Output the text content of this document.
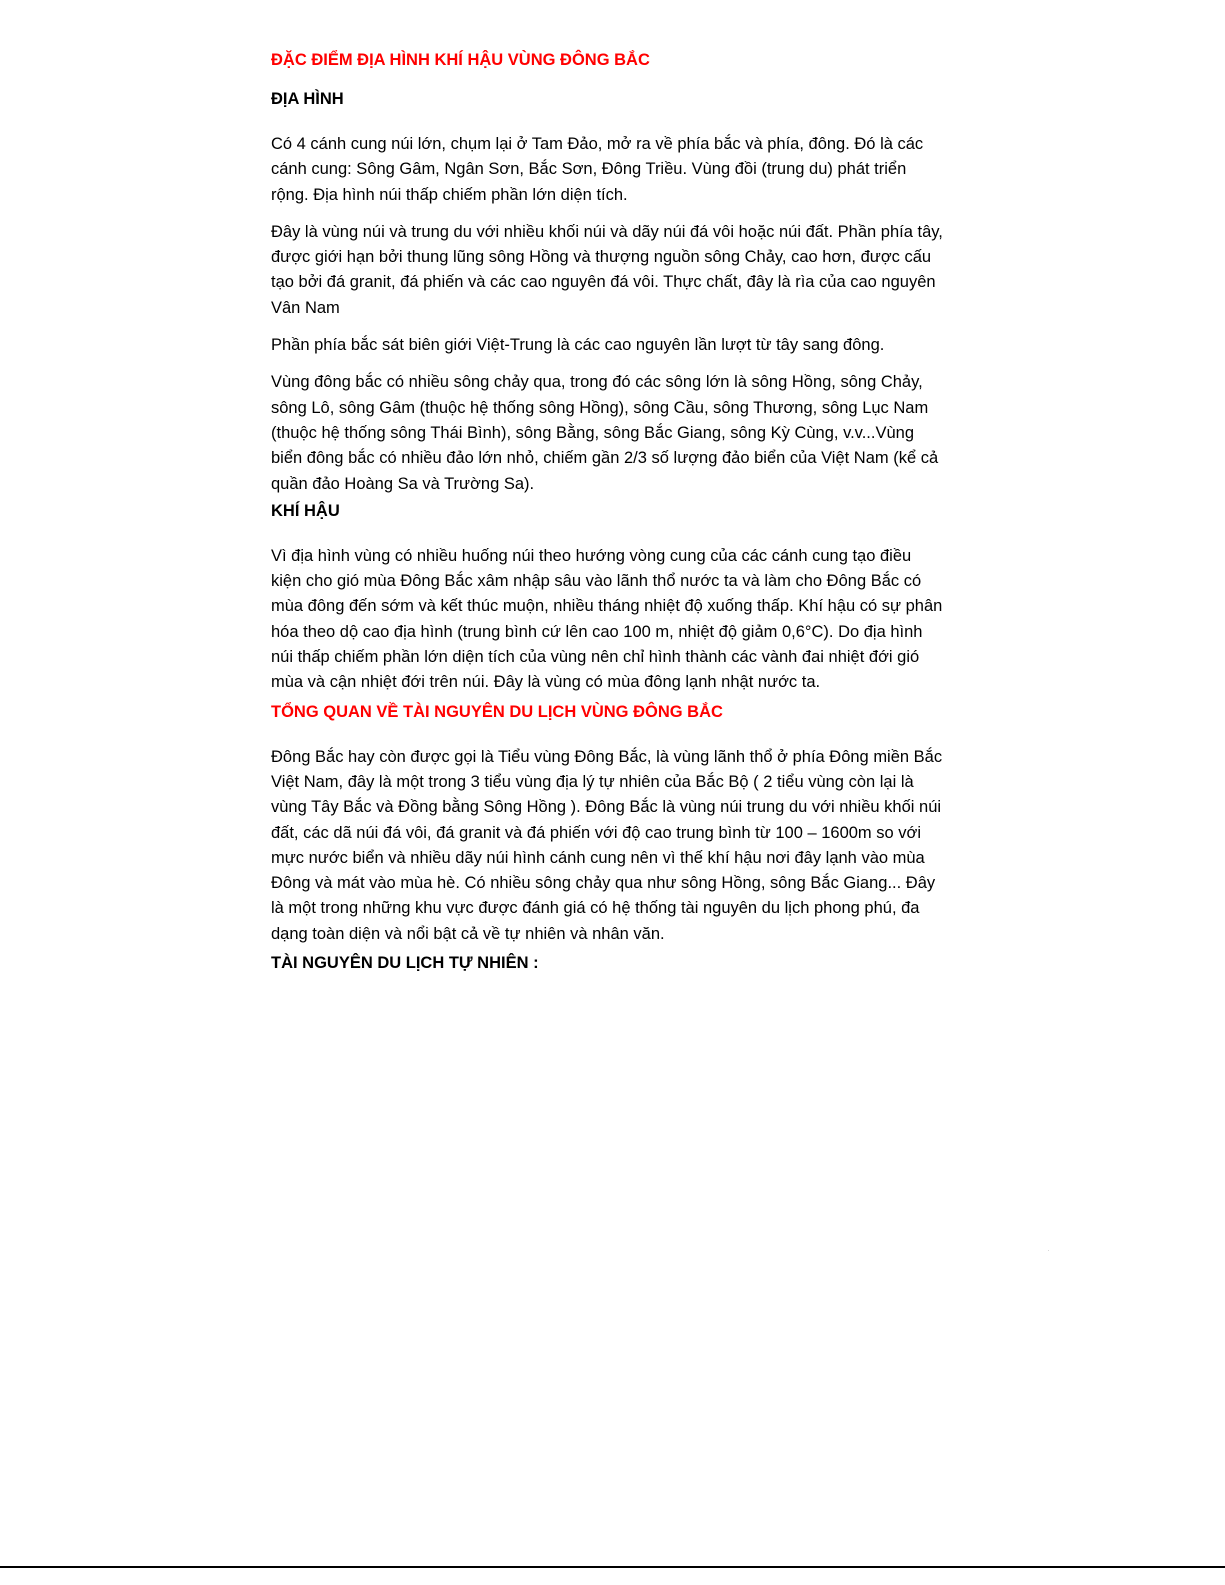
ĐẶC ĐIỂM ĐỊA HÌNH KHÍ HẬU VÙNG ĐÔNG BẮC
ĐỊA HÌNH

Có 4 cánh cung núi lớn, chụm lại ở Tam Đảo, mở ra về phía bắc và phía, đông. Đó là các cánh cung: Sông Gâm, Ngân Sơn, Bắc Sơn, Đông Triều. Vùng đồi (trung du) phát triển rộng. Địa hình núi thấp chiếm phần lớn diện tích.

Đây là vùng núi và trung du với nhiều khối núi và dãy núi đá vôi hoặc núi đất. Phần phía tây, được giới hạn bởi thung lũng sông Hồng và thượng nguồn sông Chảy, cao hơn, được cấu tạo bởi đá granit, đá phiến và các cao nguyên đá vôi. Thực chất, đây là rìa của cao nguyên Vân Nam

Phần phía bắc sát biên giới Việt-Trung là các cao nguyên lần lượt từ tây sang đông.

Vùng đông bắc có nhiều sông chảy qua, trong đó các sông lớn là sông Hồng, sông Chảy, sông Lô, sông Gâm (thuộc hệ thống sông Hồng), sông Cầu, sông Thương, sông Lục Nam (thuộc hệ thống sông Thái Bình), sông Bằng, sông Bắc Giang, sông Kỳ Cùng, v.v...Vùng biển đông bắc có nhiều đảo lớn nhỏ, chiếm gần 2/3 số lượng đảo biển của Việt Nam (kể cả quần đảo Hoàng Sa và Trường Sa).

KHÍ HẬU

Vì địa hình vùng có nhiều huống núi theo hướng vòng cung của các cánh cung tạo điều kiện cho gió mùa Đông Bắc xâm nhập sâu vào lãnh thổ nước ta và làm cho Đông Bắc có mùa đông đến sớm và kết thúc muộn, nhiều tháng nhiệt độ xuống thấp. Khí hậu có sự phân hóa theo dộ cao địa hình (trung bình cứ lên cao 100 m, nhiệt độ giảm 0,6°C). Do địa hình núi thấp chiếm phần lớn diện tích của vùng nên chỉ hình thành các vành đai nhiệt đới gió mùa và cận nhiệt đới trên núi. Đây là vùng có mùa đông lạnh nhật nước ta.

TỔNG QUAN VỀ TÀI NGUYÊN DU LỊCH VÙNG ĐÔNG BẮC

Đông Bắc hay còn được gọi là Tiểu vùng Đông Bắc, là vùng lãnh thổ ở phía Đông miền Bắc Việt Nam, đây là một trong 3 tiểu vùng địa lý tự nhiên của Bắc Bộ ( 2 tiểu vùng còn lại là vùng Tây Bắc và Đồng bằng Sông Hồng ). Đông Bắc là vùng núi trung du với nhiều khối núi đất, các dã núi đá vôi, đá granit và đá phiến với độ cao trung bình từ 100 – 1600m so với mực nước biển và nhiều dãy núi hình cánh cung nên vì thế khí hậu nơi đây lạnh vào mùa Đông và mát vào mùa hè. Có nhiều sông chảy qua như sông Hồng, sông Bắc Giang... Đây là một trong những khu vực được đánh giá có hệ thống tài nguyên du lịch phong phú, đa dạng toàn diện và nổi bật cả về tự nhiên và nhân văn.

TÀI NGUYÊN DU LỊCH TỰ NHIÊN :
